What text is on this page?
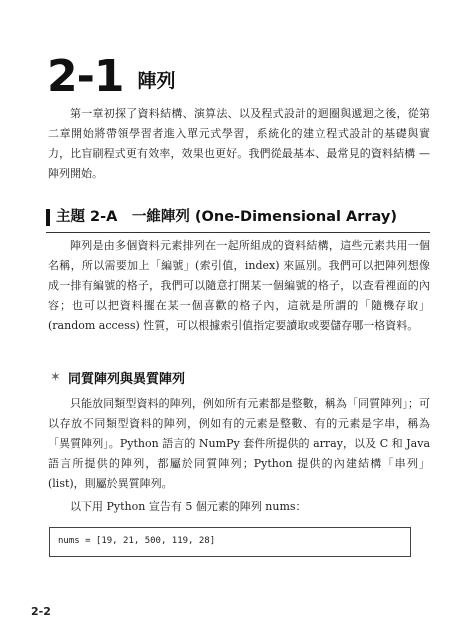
2-1 陣列

第一章初探了資料結構、演算法、以及程式設計的迴圈與遞迴之後，從第二章開始將帶領學習者進入單元式學習，系統化的建立程式設計的基礎與實力，比盲刷程式更有效率，效果也更好。我們從最基本、最常見的資料結構 — 陣列開始。

主題 2-A　一維陣列 (One-Dimensional Array)

陣列是由多個資料元素排列在一起所組成的資料結構，這些元素共用一個名稱，所以需要加上「編號」(索引值，index) 來區別。我們可以把陣列想像成一排有編號的格子，我們可以隨意打開某一個編號的格子，以查看裡面的內容；也可以把資料擺在某一個喜歡的格子內，這就是所謂的「隨機存取」(random access) 性質，可以根據索引值指定要讀取或要儲存哪一格資料。

✶ 同質陣列與異質陣列

只能放同類型資料的陣列，例如所有元素都是整數，稱為「同質陣列」；可以存放不同類型資料的陣列，例如有的元素是整數、有的元素是字串，稱為「異質陣列」。Python 語言的 NumPy 套件所提供的 array，以及 C 和 Java 語言所提供的陣列，都屬於同質陣列；Python 提供的內建結構「串列」(list)，則屬於異質陣列。

以下用 Python 宣告有 5 個元素的陣列 nums：

nums = [19, 21, 500, 119, 28]
2-2
